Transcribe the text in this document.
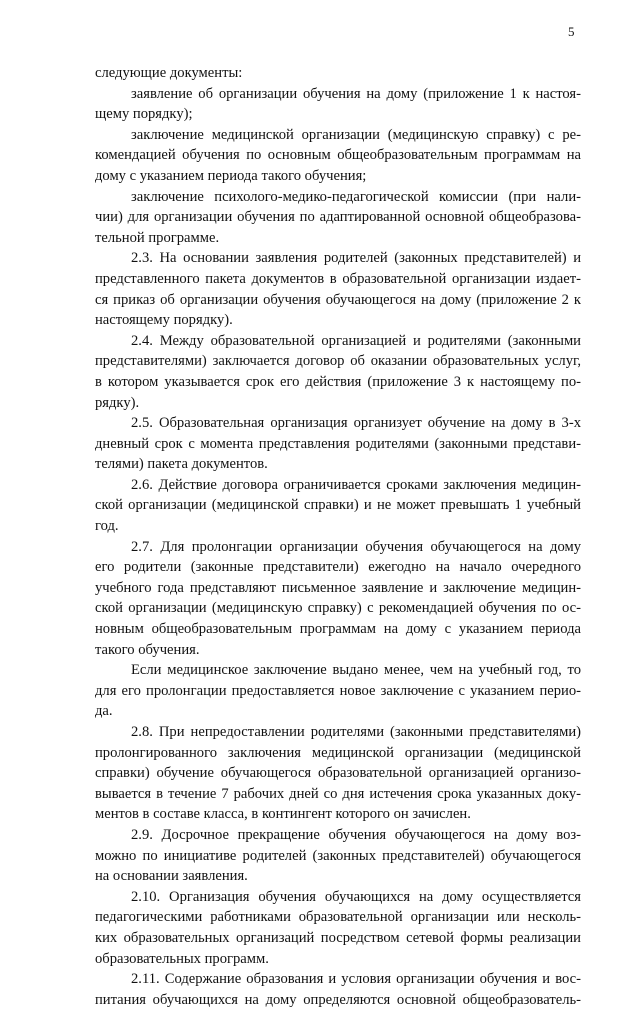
5
следующие документы:
заявление об организации обучения на дому (приложение 1 к настоя-
щему порядку);
заключение медицинской организации (медицинскую справку) с ре-
комендацией обучения по основным общеобразовательным программам на
дому с указанием периода такого обучения;
заключение психолого-медико-педагогической комиссии (при нали-
чии) для организации обучения по адаптированной основной общеобразова-
тельной программе.
2.3. На основании заявления родителей (законных представителей) и
представленного пакета документов в образовательной организации издает-
ся приказ об организации обучения обучающегося на дому (приложение 2 к
настоящему порядку).
2.4. Между образовательной организацией и родителями (законными
представителями) заключается договор об оказании образовательных услуг,
в котором указывается срок его действия (приложение 3 к настоящему по-
рядку).
2.5. Образовательная организация организует обучение на дому в 3-х
дневный срок с момента представления родителями (законными представи-
телями) пакета документов.
2.6. Действие договора ограничивается сроками заключения медицин-
ской организации (медицинской справки) и не может превышать 1 учебный
год.
2.7. Для пролонгации организации обучения обучающегося на дому
его родители (законные представители) ежегодно на начало очередного
учебного года представляют письменное заявление и заключение медицин-
ской организации (медицинскую справку) с рекомендацией обучения по ос-
новным общеобразовательным программам на дому с указанием периода
такого обучения.
Если медицинское заключение выдано менее, чем на учебный год, то
для его пролонгации предоставляется новое заключение с указанием перио-
да.
2.8. При непредоставлении родителями (законными представителями)
пролонгированного заключения медицинской организации (медицинской
справки) обучение обучающегося образовательной организацией организо-
вывается в течение 7 рабочих дней со дня истечения срока указанных доку-
ментов в составе класса, в контингент которого он зачислен.
2.9. Досрочное прекращение обучения обучающегося на дому воз-
можно по инициативе родителей (законных представителей) обучающегося
на основании заявления.
2.10. Организация обучения обучающихся на дому осуществляется
педагогическими работниками образовательной организации или несколь-
ких образовательных организаций посредством сетевой формы реализации
образовательных программ.
2.11. Содержание образования и условия организации обучения и вос-
питания обучающихся на дому определяются основной общеобразователь-
